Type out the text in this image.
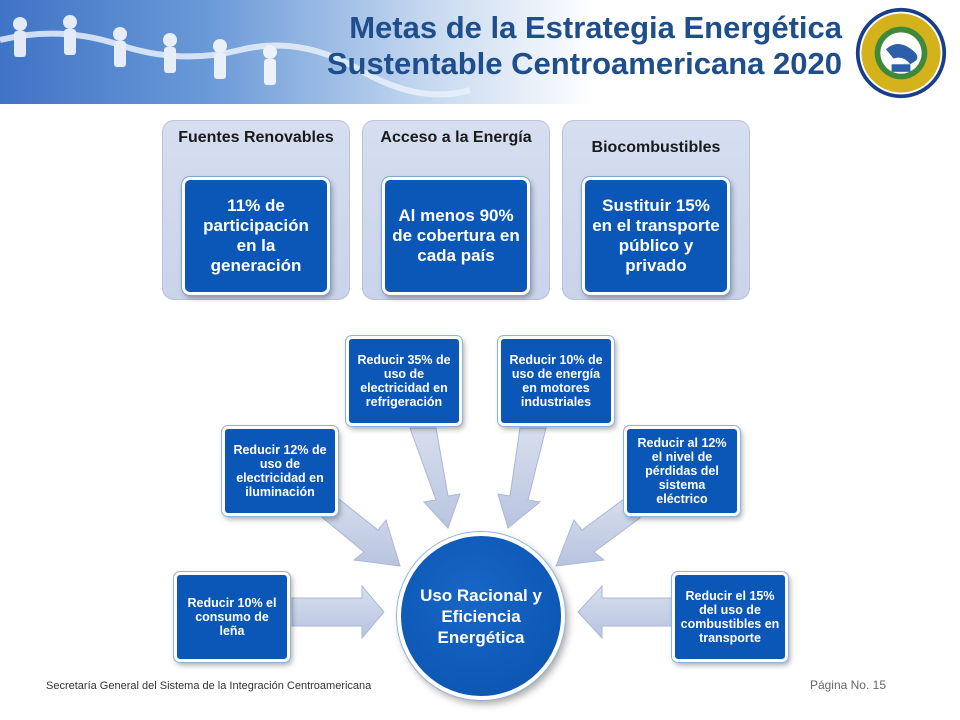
Metas de la Estrategia Energética
Sustentable Centroamericana 2020
Fuentes Renovables
11% de participación en la generación
Acceso a la Energía
Al menos 90% de cobertura en cada país
Biocombustibles
Sustituir 15% en el transporte público y privado
Reducir 10% el consumo de leña
Reducir 12% de uso de electricidad en iluminación
Reducir 35% de uso de electricidad en refrigeración
Reducir 10% de uso de energía en motores industriales
Reducir al 12% el nivel de pérdidas del sistema eléctrico
Reducir el 15% del uso de combustibles en transporte
Uso Racional y Eficiencia Energética
Secretaría General del Sistema de la Integración Centroamericana	Página No. 15
